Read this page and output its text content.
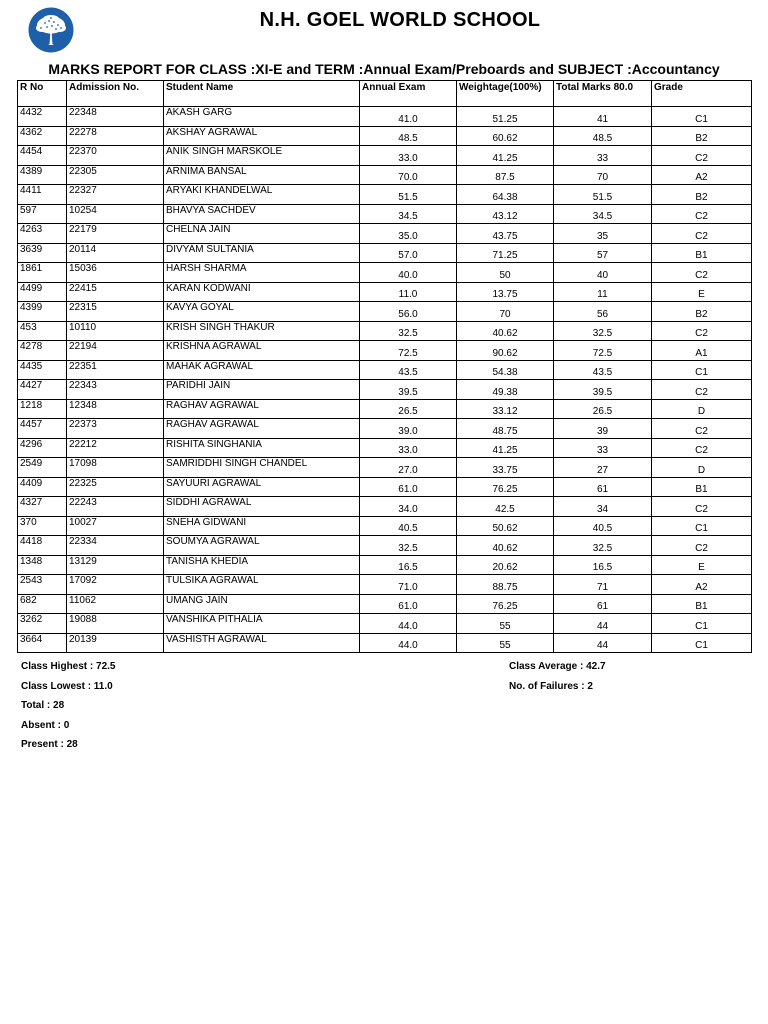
N.H. GOEL WORLD SCHOOL
MARKS REPORT FOR CLASS :XI-E and TERM :Annual Exam/Preboards and SUBJECT :Accountancy
R No	Admission No.	Student Name	Annual Exam	Weightage(100%)	Total Marks 80.0	Grade
4432	22348	AKASH GARG	41.0	51.25	41	C1
4362	22278	AKSHAY AGRAWAL	48.5	60.62	48.5	B2
4454	22370	ANIK SINGH MARSKOLE	33.0	41.25	33	C2
4389	22305	ARNIMA BANSAL	70.0	87.5	70	A2
4411	22327	ARYAKI KHANDELWAL	51.5	64.38	51.5	B2
597	10254	BHAVYA SACHDEV	34.5	43.12	34.5	C2
4263	22179	CHELNA JAIN	35.0	43.75	35	C2
3639	20114	DIVYAM SULTANIA	57.0	71.25	57	B1
1861	15036	HARSH SHARMA	40.0	50	40	C2
4499	22415	KARAN KODWANI	11.0	13.75	11	E
4399	22315	KAVYA GOYAL	56.0	70	56	B2
453	10110	KRISH SINGH THAKUR	32.5	40.62	32.5	C2
4278	22194	KRISHNA AGRAWAL	72.5	90.62	72.5	A1
4435	22351	MAHAK AGRAWAL	43.5	54.38	43.5	C1
4427	22343	PARIDHI JAIN	39.5	49.38	39.5	C2
1218	12348	RAGHAV AGRAWAL	26.5	33.12	26.5	D
4457	22373	RAGHAV AGRAWAL	39.0	48.75	39	C2
4296	22212	RISHITA SINGHANIA	33.0	41.25	33	C2
2549	17098	SAMRIDDHI SINGH CHANDEL	27.0	33.75	27	D
4409	22325	SAYUURI AGRAWAL	61.0	76.25	61	B1
4327	22243	SIDDHI AGRAWAL	34.0	42.5	34	C2
370	10027	SNEHA GIDWANI	40.5	50.62	40.5	C1
4418	22334	SOUMYA AGRAWAL	32.5	40.62	32.5	C2
1348	13129	TANISHA KHEDIA	16.5	20.62	16.5	E
2543	17092	TULSIKA AGRAWAL	71.0	88.75	71	A2
682	11062	UMANG JAIN	61.0	76.25	61	B1
3262	19088	VANSHIKA PITHALIA	44.0	55	44	C1
3664	20139	VASHISTH AGRAWAL	44.0	55	44	C1
Class Highest : 72.5
Class Lowest : 11.0
Total : 28
Absent : 0
Present : 28
Class Average : 42.7
No. of Failures : 2
